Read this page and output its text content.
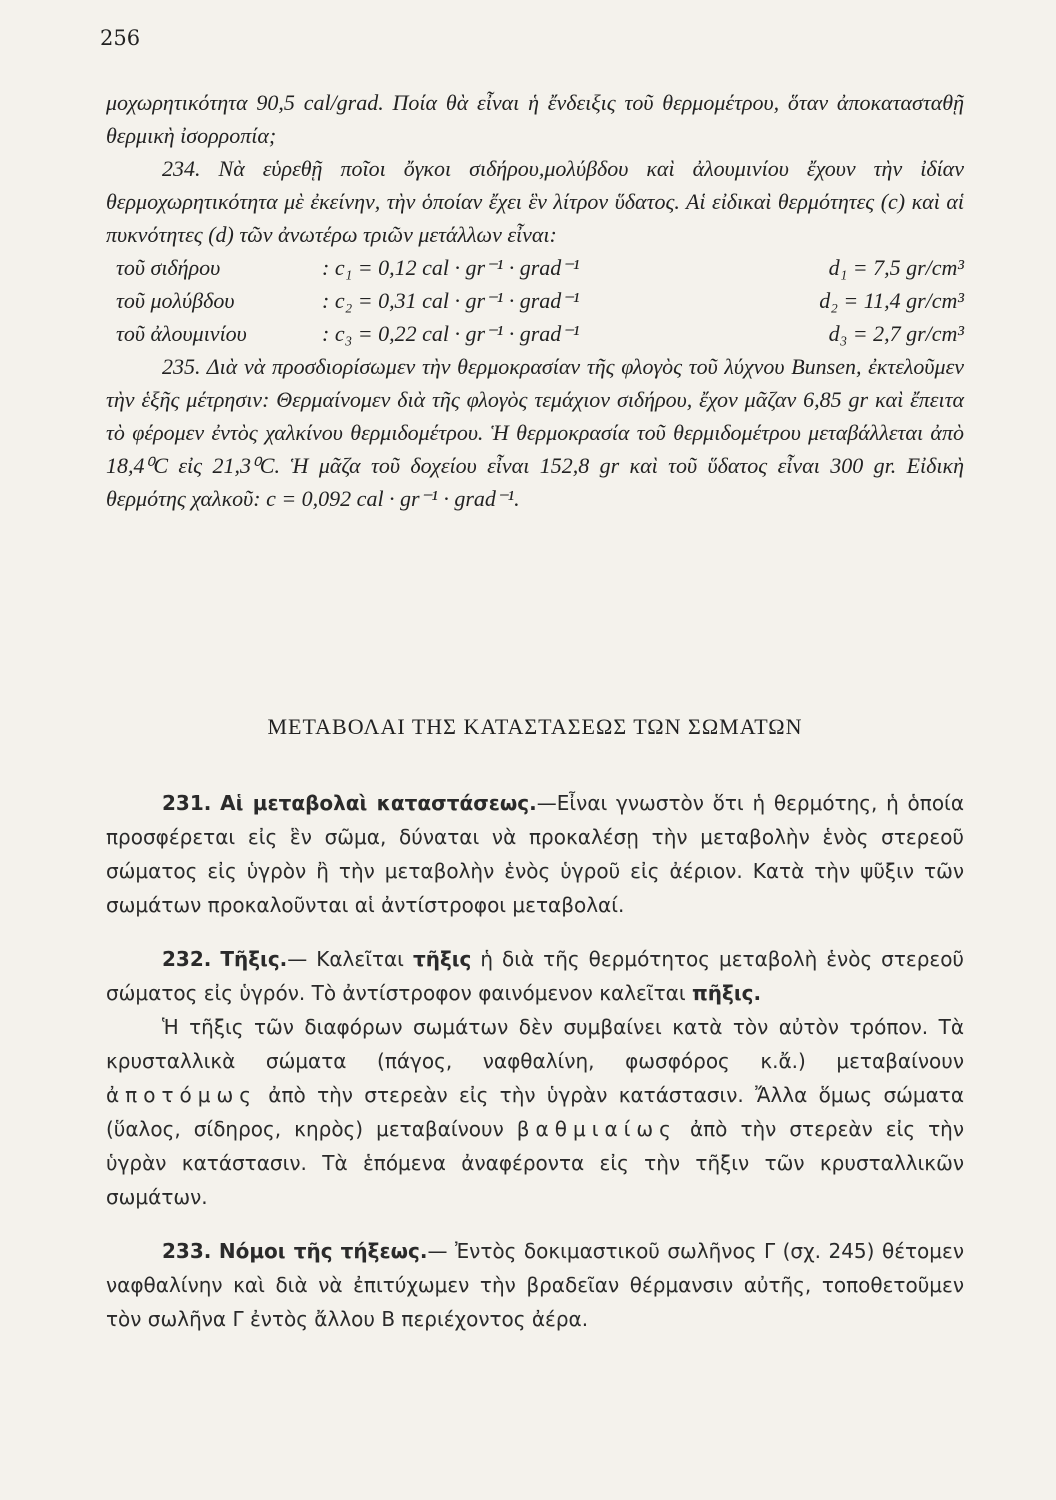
256

μοχωρητικότητα 90,5 cal/grad. Ποία θὰ εἶναι ἡ ἔνδειξις τοῦ θερμομέτρου, ὅταν ἀποκατασταθῇ θερμικὴ ἰσορροπία;

234. Νὰ εὑρεθῇ ποῖοι ὄγκοι σιδήρου,μολύβδου καὶ ἀλουμινίου ἔχουν τὴν ἰδίαν θερμοχωρητικότητα μὲ ἐκείνην, τὴν ὁποίαν ἔχει ἓν λίτρον ὕδατος. Αἱ εἰδικαὶ θερμότητες (c) καὶ αἱ πυκνότητες (d) τῶν ἀνωτέρω τριῶν μετάλλων εἶναι:

τοῦ σιδήρου	: c₁ = 0,12 cal · gr⁻¹ · grad⁻¹	d₁ = 7,5 gr/cm³
τοῦ μολύβδου	: c₂ = 0,31 cal · gr⁻¹ · grad⁻¹	d₂ = 11,4 gr/cm³
τοῦ ἀλουμινίου	: c₃ = 0,22 cal · gr⁻¹ · grad⁻¹	d₃ = 2,7 gr/cm³

235. Διὰ νὰ προσδιορίσωμεν τὴν θερμοκρασίαν τῆς φλογὸς τοῦ λύχνου Bunsen, ἐκτελοῦμεν τὴν ἑξῆς μέτρησιν: Θερμαίνομεν διὰ τῆς φλογὸς τεμάχιον σιδήρου, ἔχον μᾶζαν 6,85 gr καὶ ἔπειτα τὸ φέρομεν ἐντὸς χαλκίνου θερμιδομέτρου. Ἡ θερμοκρασία τοῦ θερμιδομέτρου μεταβάλλεται ἀπὸ 18,4⁰C εἰς 21,3⁰C. Ἡ μᾶζα τοῦ δοχείου εἶναι 152,8 gr καὶ τοῦ ὕδατος εἶναι 300 gr. Εἰδικὴ θερμότης χαλκοῦ: c = 0,092 cal · gr⁻¹ · grad⁻¹.

ΜΕΤΑΒΟΛΑΙ ΤΗΣ ΚΑΤΑΣΤΑΣΕΩΣ ΤΩΝ ΣΩΜΑΤΩΝ

231. Αἱ μεταβολαὶ καταστάσεως.—Εἶναι γνωστὸν ὅτι ἡ θερμότης, ἡ ὁποία προσφέρεται εἰς ἓν σῶμα, δύναται νὰ προκαλέσῃ τὴν μεταβολὴν ἑνὸς στερεοῦ σώματος εἰς ὑγρὸν ἢ τὴν μεταβολὴν ἑνὸς ὑγροῦ εἰς ἀέριον. Κατὰ τὴν ψῦξιν τῶν σωμάτων προκαλοῦνται αἱ ἀντίστροφοι μεταβολαί.

232. Τῆξις.— Καλεῖται τῆξις ἡ διὰ τῆς θερμότητος μεταβολὴ ἑνὸς στερεοῦ σώματος εἰς ὑγρόν. Τὸ ἀντίστροφον φαινόμενον καλεῖται πῆξις.

Ἡ τῆξις τῶν διαφόρων σωμάτων δὲν συμβαίνει κατὰ τὸν αὐτὸν τρόπον. Τὰ κρυσταλλικὰ σώματα (πάγος, ναφθαλίνη, φωσφόρος κ.ἄ.) μεταβαίνουν ἀποτόμως ἀπὸ τὴν στερεὰν εἰς τὴν ὑγρὰν κατάστασιν. Ἄλλα ὅμως σώματα (ὕαλος, σίδηρος, κηρὸς) μεταβαίνουν βαθμιαίως ἀπὸ τὴν στερεὰν εἰς τὴν ὑγρὰν κατάστασιν. Τὰ ἑπόμενα ἀναφέροντα εἰς τὴν τῆξιν τῶν κρυσταλλικῶν σωμάτων.

233. Νόμοι τῆς τήξεως.— Ἐντὸς δοκιμαστικοῦ σωλῆνος Γ (σχ. 245) θέτομεν ναφθαλίνην καὶ διὰ νὰ ἐπιτύχωμεν τὴν βραδεῖαν θέρμανσιν αὐτῆς, τοποθετοῦμεν τὸν σωλῆνα Γ ἐντὸς ἄλλου Β περιέχοντος ἀέρα.
